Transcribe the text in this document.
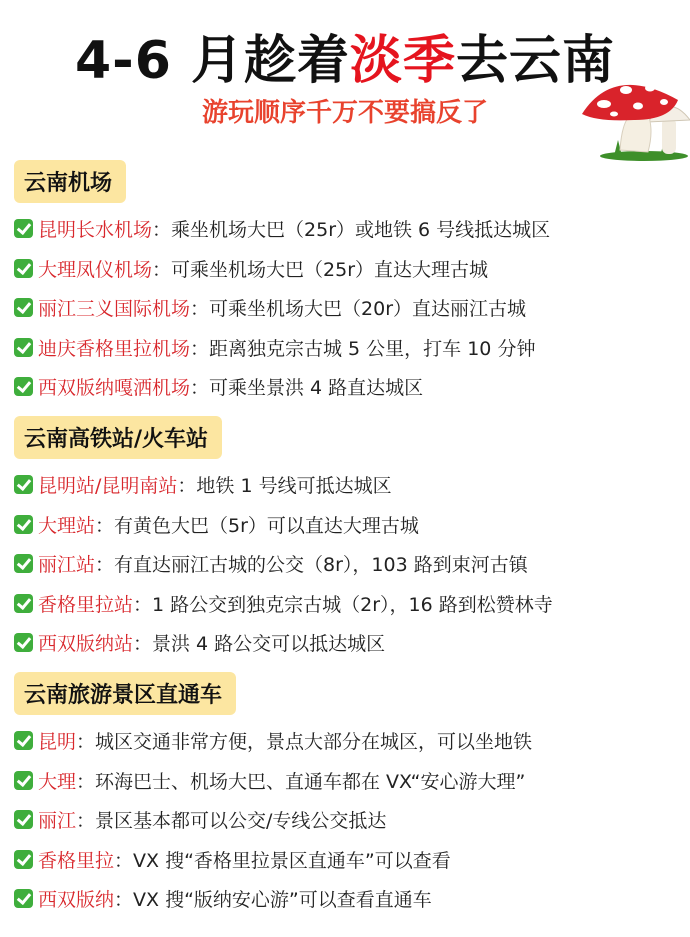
4-6 月趁着淡季去云南
游玩顺序千万不要搞反了
云南机场
昆明长水机场 ：乘坐机场大巴（25r）或地铁 6 号线抵达城区
大理凤仪机场 ：可乘坐机场大巴（25r）直达大理古城
丽江三义国际机场 ：可乘坐机场大巴（20r）直达丽江古城
迪庆香格里拉机场 ：距离独克宗古城 5 公里，打车 10 分钟
西双版纳嘎洒机场 ：可乘坐景洪 4 路直达城区
云南高铁站/火车站
昆明站/昆明南站 ：地铁 1 号线可抵达城区
大理站 ：有黄色大巴（5r）可以直达大理古城
丽江站 ：有直达丽江古城的公交（8r），103 路到束河古镇
香格里拉站 ：1 路公交到独克宗古城（2r），16 路到松赞林寺
西双版纳站 ：景洪 4 路公交可以抵达城区
云南旅游景区直通车
昆明 ：城区交通非常方便，景点大部分在城区，可以坐地铁
大理 ：环海巴士、机场大巴、直通车都在 VX“安心游大理”
丽江 ：景区基本都可以公交/专线公交抵达
香格里拉 ：VX 搜“香格里拉景区直通车”可以查看
西双版纳 ：VX 搜“版纳安心游”可以查看直通车
